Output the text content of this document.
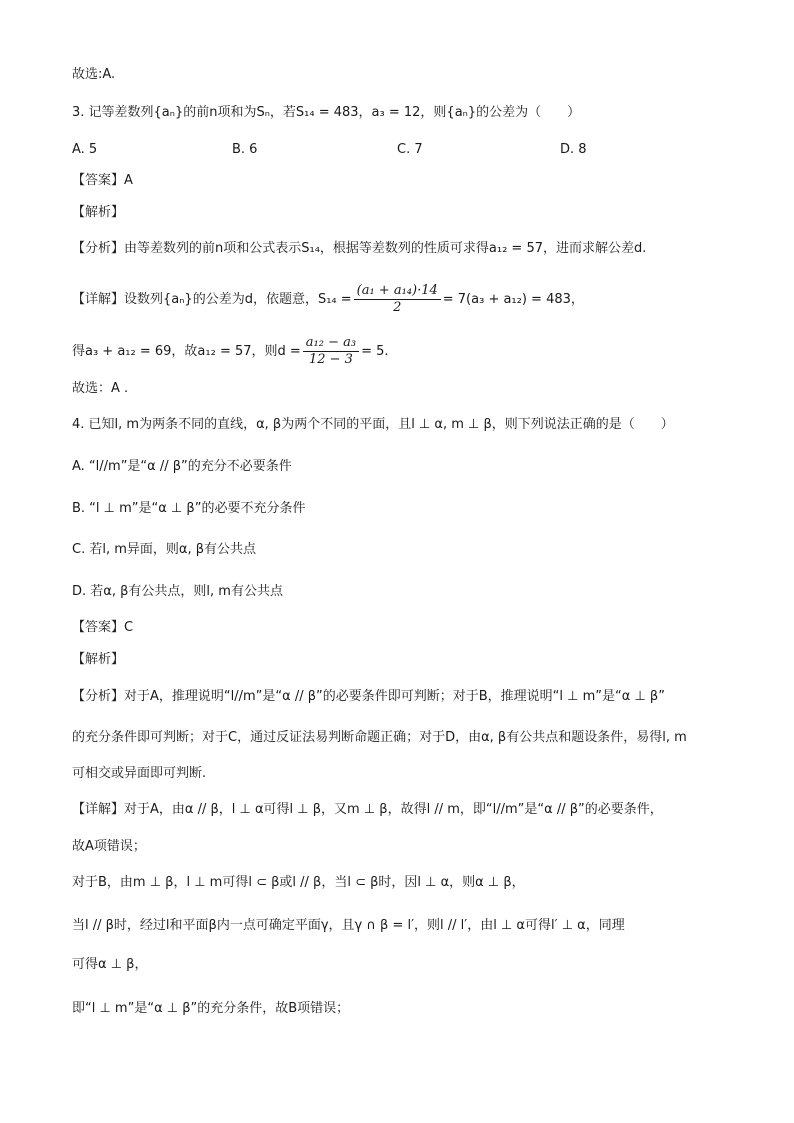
故选:A.
3. 记等差数列{aₙ}的前n项和为Sₙ，若S₁₄ = 483，a₃ = 12，则{aₙ}的公差为（　　）
A. 5	B. 6	C. 7	D. 8
【答案】A
【解析】
【分析】由等差数列的前n项和公式表示S₁₄，根据等差数列的性质可求得a₁₂ = 57，进而求解公差d.
【详解】设数列{aₙ}的公差为d，依题意，$S_{14} = \frac{\text{(a₁ + a₁₄)·14}}{2} = 7(a_3 + a_{12}) = 483$，
得a₃ + a₁₂ = 69，故a₁₂ = 57，则$d = \frac{\text{a₁₂ − a₃}}{12 - 3} = 5$.
故选：A .
4. 已知l, m为两条不同的直线，α, β为两个不同的平面，且l ⊥ α, m ⊥ β，则下列说法正确的是（　　）
A. “l//m”是“α // β”的充分不必要条件
B. “l ⊥ m”是“α ⊥ β”的必要不充分条件
C. 若l, m异面，则α, β有公共点
D. 若α, β有公共点，则l, m有公共点
【答案】C
【解析】
【分析】对于A，推理说明“l//m”是“α // β”的必要条件即可判断；对于B，推理说明“l ⊥ m”是“α ⊥ β”
的充分条件即可判断；对于C，通过反证法易判断命题正确；对于D，由α, β有公共点和题设条件，易得l, m
可相交或异面即可判断.
【详解】对于A，由α // β，l ⊥ α可得l ⊥ β，又m ⊥ β，故得l // m，即“l//m”是“α // β”的必要条件，
故A项错误；
对于B，由m ⊥ β，l ⊥ m可得l ⊂ β或l // β，当l ⊂ β时，因l ⊥ α，则α ⊥ β，
当l // β时，经过l和平面β内一点可确定平面γ，且γ ∩ β = l′，则l // l′，由l ⊥ α可得l′ ⊥ α，同理
可得α ⊥ β，
即“l ⊥ m”是“α ⊥ β”的充分条件，故B项错误；
